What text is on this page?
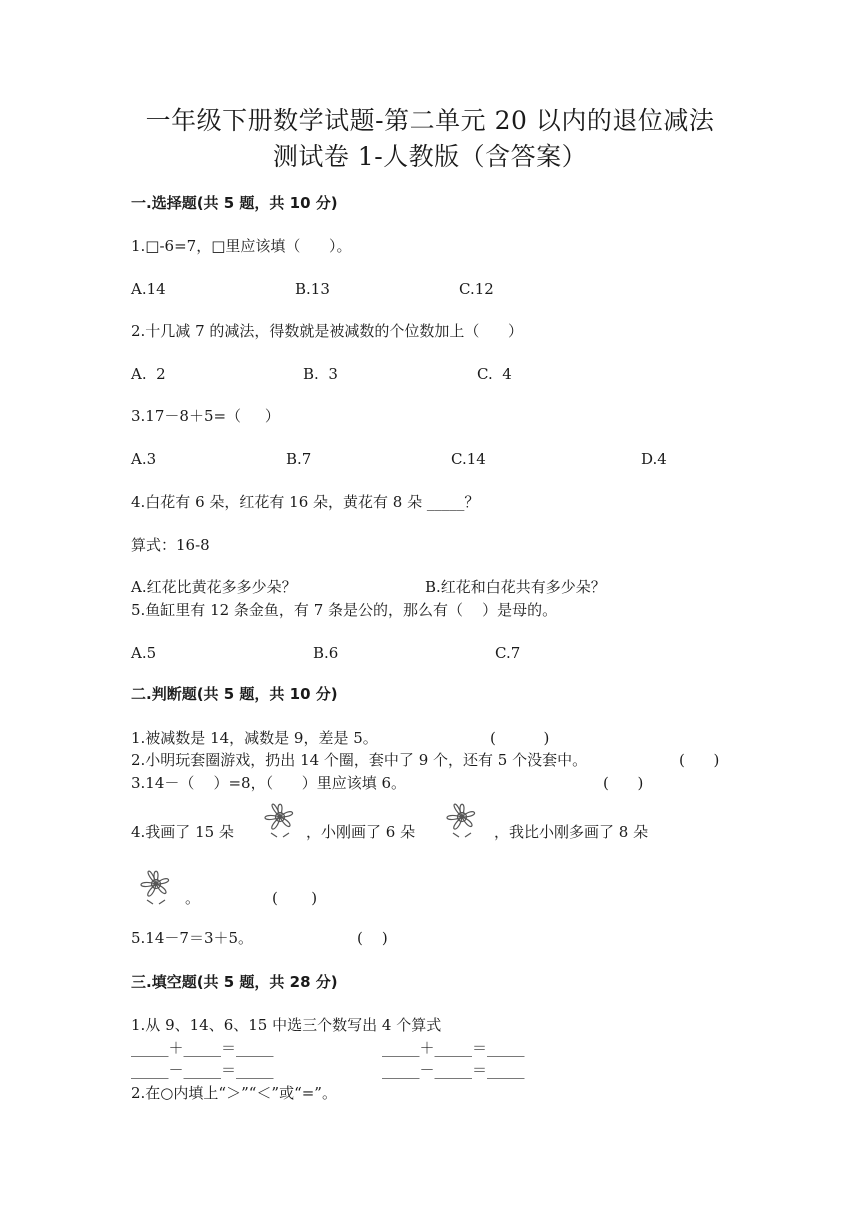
一年级下册数学试题-第二单元 20 以内的退位减法
测试卷 1-人教版（含答案）
一.选择题(共 5 题，共 10 分)
1.□-6=7，□里应该填（      ）。
A.14	B.13	C.12
2.十几减 7 的减法，得数就是被减数的个位数加上（      ）
A.  2	B.  3	C.  4
3.17－8＋5=（     ）
A.3	B.7	C.14	D.4
4.白花有 6 朵，红花有 16 朵，黄花有 8 朵 _____？
算式：16-8
A.红花比黄花多多少朵？	B.红花和白花共有多少朵？
5.鱼缸里有 12 条金鱼，有 7 条是公的，那么有（    ）是母的。
A.5	B.6	C.7
二.判断题(共 5 题，共 10 分)
1.被减数是 14，减数是 9，差是 5。	(          )
2.小明玩套圈游戏，扔出 14 个圈，套中了 9 个，还有 5 个没套中。	(      )
3.14－（    ）=8，（      ）里应该填 6。	(      )
4.我画了 15 朵	，小刚画了 6 朵	，我比小刚多画了 8 朵
。	(       )
5.14－7＝3＋5。	(    )
三.填空题(共 5 题，共 28 分)
1.从 9、14、6、15 中选三个数写出 4 个算式
_____＋_____＝_____	_____＋_____＝_____
_____－_____＝_____	_____－_____＝_____
2.在○内填上“＞”“＜”或“=”。
